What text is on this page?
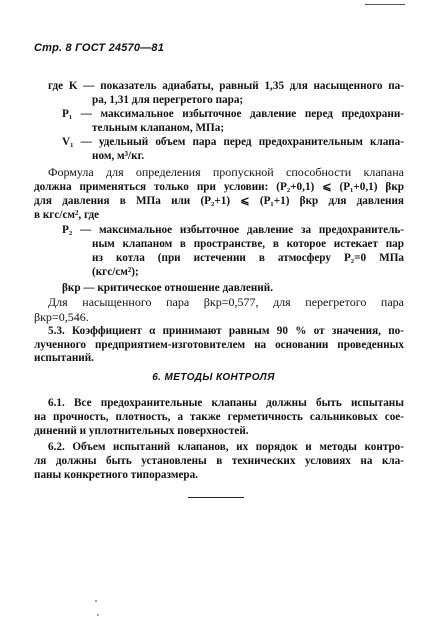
Стр. 8 ГОСТ 24570—81
где K — показатель адиабаты, равный 1,35 для насыщенного па-
ра, 1,31 для перегретого пара;
P₁ — максимальное избыточное давление перед предохрани-
тельным клапаном, МПа;
V₁ — удельный объем пара перед предохранительным клапа-
ном, м³/кг.
Формула для определения пропускной способности клапана
должна применяться только при условии: (P₂+0,1) ⩽ (P₁+0,1) βкр
для давления в МПа или (P₂+1) ⩽ (P₁+1) βкр для давления
в кгс/см², где
P₂ — максимальное избыточное давление за предохранитель-
ным клапаном в пространстве, в которое истекает пар
из котла (при истечении в атмосферу P₂=0 МПа
(кгс/см²);
βкр — критическое отношение давлений.
Для насыщенного пара βкр=0,577, для перегретого пара
βкр=0,546.
5.3. Коэффициент α принимают равным 90 % от значения, по-
лученного предприятием-изготовителем на основании проведенных
испытаний.
6. МЕТОДЫ КОНТРОЛЯ
6.1. Все предохранительные клапаны должны быть испытаны
на прочность, плотность, а также герметичность сальниковых сое-
динений и уплотнительных поверхностей.
6.2. Объем испытаний клапанов, их порядок и методы контро-
ля должны быть установлены в технических условиях на кла-
паны конкретного типоразмера.
